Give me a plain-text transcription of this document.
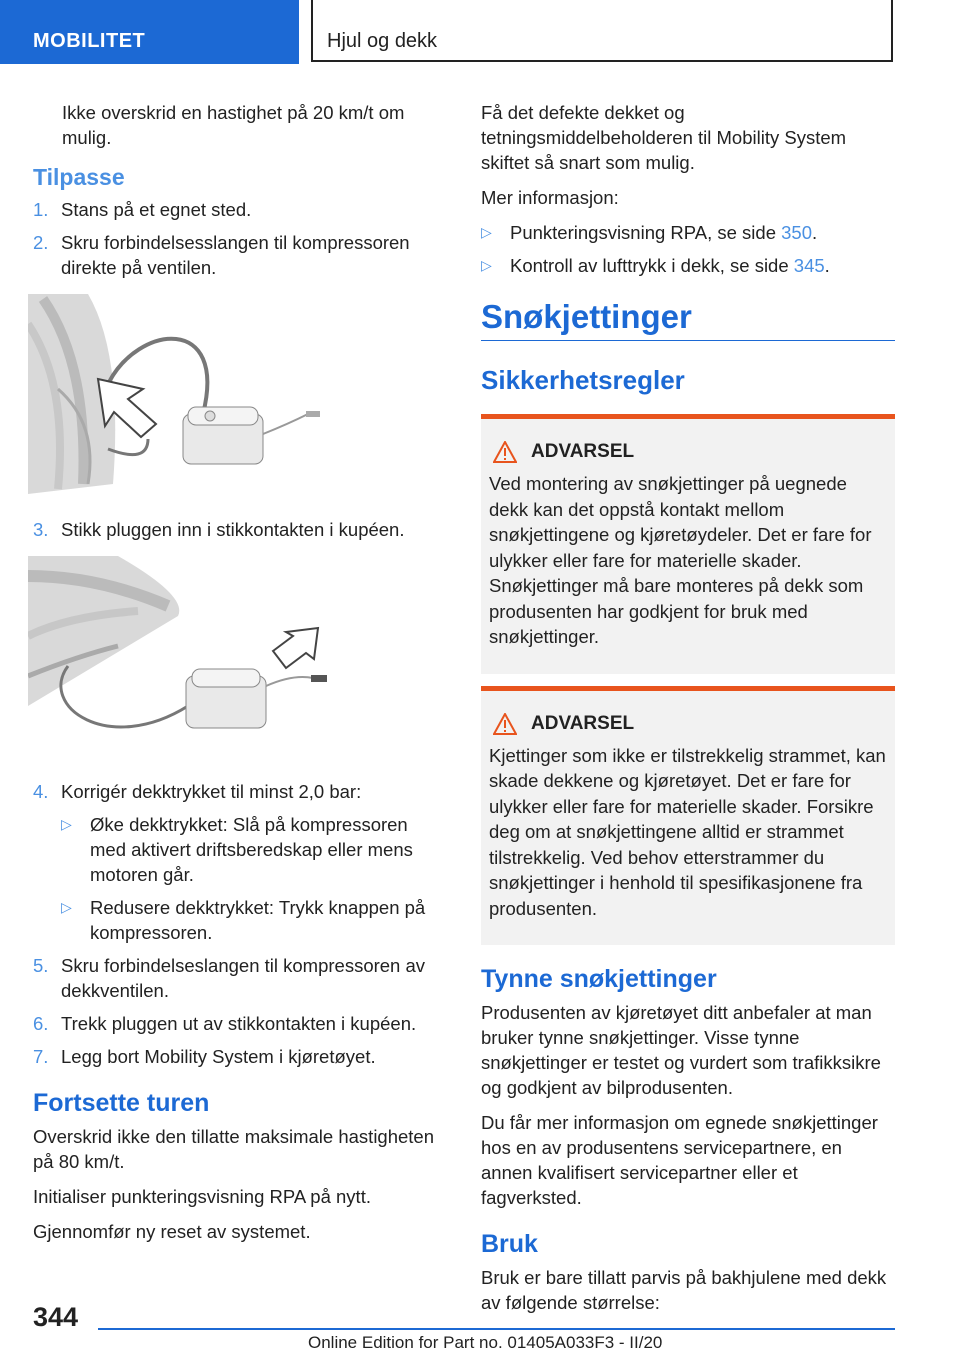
MOBILITET	Hjul og dekk

Ikke overskrid en hastighet på 20 km/t om mulig.

Tilpasse
1. Stans på et egnet sted.
2. Skru forbindelsesslangen til kompressoren direkte på ventilen.
3. Stikk pluggen inn i stikkontakten i kupéen.
4. Korrigér dekktrykket til minst 2,0 bar:
▷ Øke dekktrykket: Slå på kompressoren med aktivert driftsberedskap eller mens motoren går.
▷ Redusere dekktrykket: Trykk knappen på kompressoren.
5. Skru forbindelseslangen til kompressoren av dekkventilen.
6. Trekk pluggen ut av stikkontakten i kupéen.
7. Legg bort Mobility System i kjøretøyet.
Fortsette turen

Overskrid ikke den tillatte maksimale hastigheten på 80 km/t.

Initialiser punkteringsvisning RPA på nytt.

Gjennomfør ny reset av systemet.

Få det defekte dekket og tetningsmiddelbeholderen til Mobility System skiftet så snart som mulig.

Mer informasjon:

▷ Punkteringsvisning RPA, se side 350.
▷ Kontroll av lufttrykk i dekk, se side 345.
Snøkjettinger
Sikkerhetsregler
ADVARSEL

Ved montering av snøkjettinger på uegnede dekk kan det oppstå kontakt mellom snøkjettingene og kjøretøydeler. Det er fare for ulykker eller fare for materielle skader. Snøkjettinger må bare monteres på dekk som produsenten har godkjent for bruk med snøkjettinger.

ADVARSEL

Kjettinger som ikke er tilstrekkelig strammet, kan skade dekkene og kjøretøyet. Det er fare for ulykker eller fare for materielle skader. Forsikre deg om at snøkjettingene alltid er strammet tilstrekkelig. Ved behov etterstrammer du snøkjettinger i henhold til spesifikasjonene fra produsenten.

Tynne snøkjettinger

Produsenten av kjøretøyet ditt anbefaler at man bruker tynne snøkjettinger. Visse tynne snøkjettinger er testet og vurdert som trafikksikre og godkjent av bilprodusenten.

Du får mer informasjon om egnede snøkjettinger hos en av produsentens servicepartnere, en annen kvalifisert servicepartner eller et fagverksted.

Bruk

Bruk er bare tillatt parvis på bakhjulene med dekk av følgende størrelse:

344
Online Edition for Part no. 01405A033F3 - II/20
